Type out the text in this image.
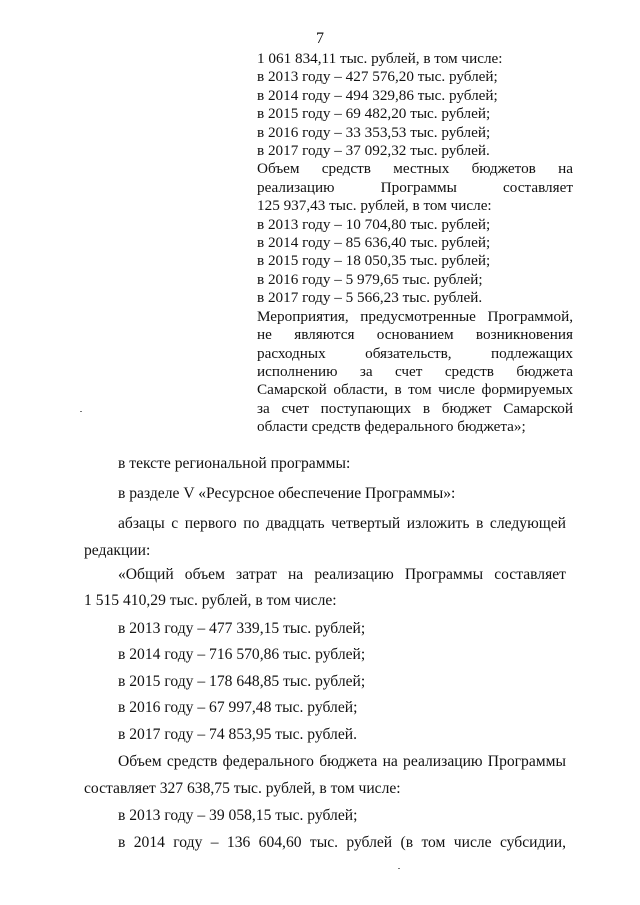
7
1 061 834,11 тыс. рублей, в том числе:
в 2013 году – 427 576,20 тыс. рублей;
в 2014 году – 494 329,86 тыс. рублей;
в 2015 году – 69 482,20 тыс. рублей;
в 2016 году – 33 353,53 тыс. рублей;
в 2017 году – 37 092,32 тыс. рублей.
Объем средств местных бюджетов на
реализацию Программы составляет
125 937,43 тыс. рублей, в том числе:
в 2013 году – 10 704,80 тыс. рублей;
в 2014 году – 85 636,40 тыс. рублей;
в 2015 году – 18 050,35 тыс. рублей;
в 2016 году – 5 979,65 тыс. рублей;
в 2017 году – 5 566,23 тыс. рублей.
Мероприятия, предусмотренные Программой,
не являются основанием возникновения
расходных обязательств, подлежащих
исполнению за счет средств бюджета
Самарской области, в том числе формируемых
за счет поступающих в бюджет Самарской
области средств федерального бюджета»;
в тексте региональной программы:
в разделе V «Ресурсное обеспечение Программы»:
абзацы с первого по двадцать четвертый изложить в следующей
редакции:
«Общий объем затрат на реализацию Программы составляет
1 515 410,29 тыс. рублей, в том числе:
в 2013 году – 477 339,15 тыс. рублей;
в 2014 году – 716 570,86 тыс. рублей;
в 2015 году – 178 648,85 тыс. рублей;
в 2016 году – 67 997,48 тыс. рублей;
в 2017 году – 74 853,95 тыс. рублей.
Объем средств федерального бюджета на реализацию Программы
составляет 327 638,75 тыс. рублей, в том числе:
в 2013 году – 39 058,15 тыс. рублей;
в 2014 году – 136 604,60 тыс. рублей (в том числе субсидии,
